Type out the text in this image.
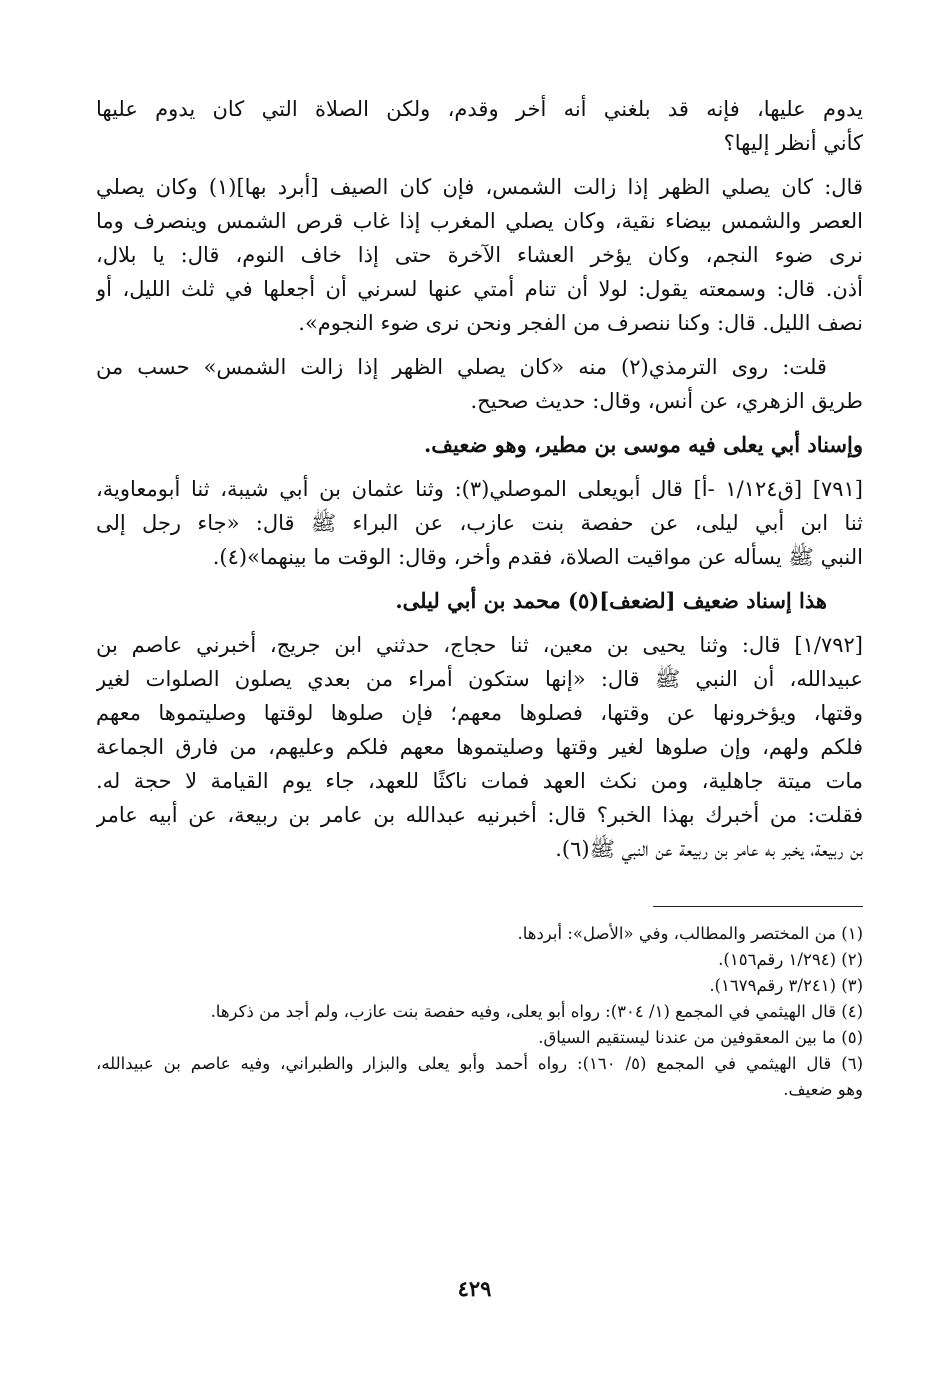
يدوم عليها، فإنه قد بلغني أنه أخر وقدم، ولكن الصلاة التي كان يدوم عليها
كأني أنظر إليها؟
قال: كان يصلي الظهر إذا زالت الشمس، فإن كان الصيف [أبرد بها](١) وكان يصلي
العصر والشمس بيضاء نقية، وكان يصلي المغرب إذا غاب قرص الشمس وينصرف وما
نرى ضوء النجم، وكان يؤخر العشاء الآخرة حتى إذا خاف النوم، قال: يا بلال،
أذن. قال: وسمعته يقول: لولا أن تنام أمتي عنها لسرني أن أجعلها في ثلث الليل، أو
نصف الليل. قال: وكنا ننصرف من الفجر ونحن نرى ضوء النجوم».
قلت: روى الترمذي(٢) منه «كان يصلي الظهر إذا زالت الشمس» حسب من
طريق الزهري، عن أنس، وقال: حديث صحيح.
وإسناد أبي يعلى فيه موسى بن مطير، وهو ضعيف.
[٧٩١] [ق١/١٢٤ -أ] قال أبويعلى الموصلي(٣): وثنا عثمان بن أبي شيبة، ثنا أبومعاوية،
ثنا ابن أبي ليلى، عن حفصة بنت عازب، عن البراء ﷺ قال: «جاء رجل إلى
النبي ﷺ يسأله عن مواقيت الصلاة، فقدم وأخر، وقال: الوقت ما بينهما»(٤).
هذا إسناد ضعيف [لضعف](٥) محمد بن أبي ليلى.
[١/٧٩٢] قال: وثنا يحيى بن معين، ثنا حجاج، حدثني ابن جريج، أخبرني عاصم بن
عبيدالله، أن النبي ﷺ قال: «إنها ستكون أمراء من بعدي يصلون الصلوات لغير
وقتها، ويؤخرونها عن وقتها، فصلوها معهم؛ فإن صلوها لوقتها وصليتموها معهم
فلكم ولهم، وإن صلوها لغير وقتها وصليتموها معهم فلكم وعليهم، من فارق الجماعة
مات ميتة جاهلية، ومن نكث العهد فمات ناكثًا للعهد، جاء يوم القيامة لا حجة له.
فقلت: من أخبرك بهذا الخبر؟ قال: أخبرنيه عبدالله بن عامر بن ربيعة، عن أبيه عامر
بن ربيعة، يخبر به عامر بن ربيعة عن النبي ﷺ(٦).
(١) من المختصر والمطالب، وفي «الأصل»: أبردها.
(٢) (١/٢٩٤ رقم١٥٦).
(٣) (٣/٢٤١ رقم١٦٧٩).
(٤) قال الهيثمي في المجمع (١/ ٣٠٤): رواه أبو يعلى، وفيه حفصة بنت عازب، ولم أجد من ذكرها.
(٥) ما بين المعقوفين من عندنا ليستقيم السياق.
(٦) قال الهيثمي في المجمع (٥/ ١٦٠): رواه أحمد وأبو يعلى والبزار والطبراني، وفيه عاصم بن عبيدالله،
وهو ضعيف.
٤٢٩
